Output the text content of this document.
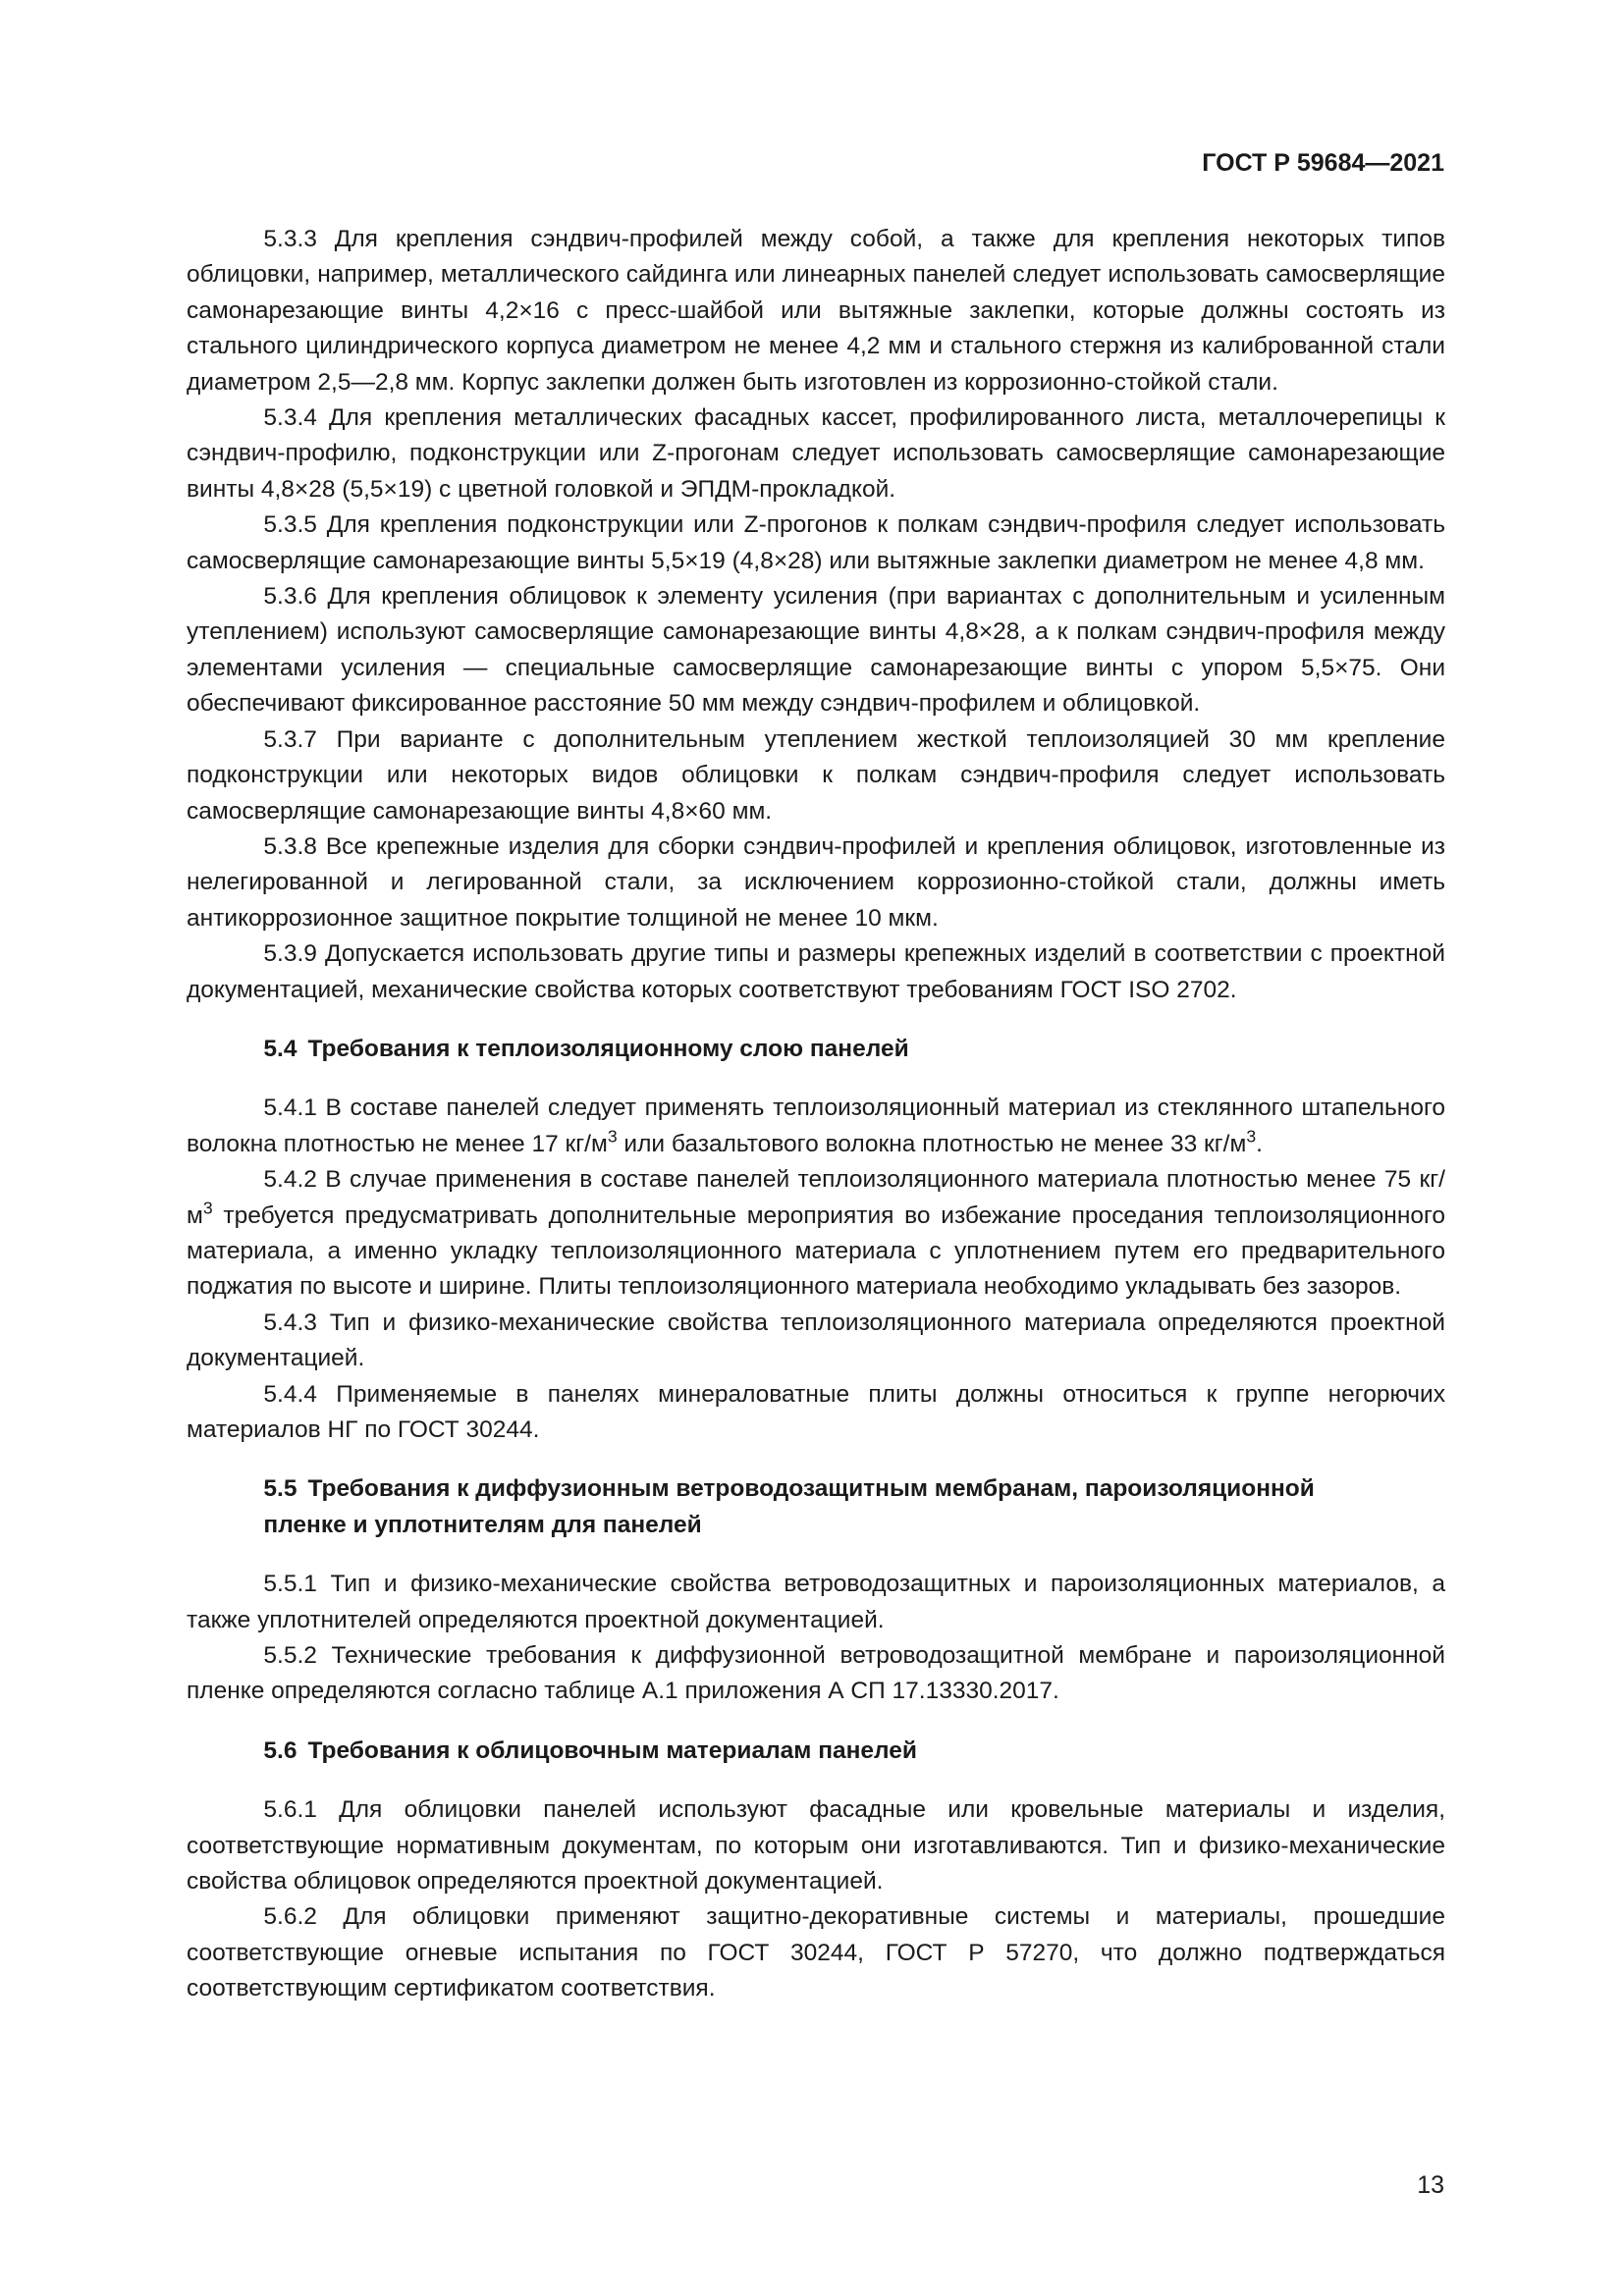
ГОСТ Р 59684—2021

5.3.3 Для крепления сэндвич-профилей между собой, а также для крепления некоторых типов облицовки, например, металлического сайдинга или линеарных панелей следует использовать самосверлящие самонарезающие винты 4,2×16 с пресс-шайбой или вытяжные заклепки, которые должны состоять из стального цилиндрического корпуса диаметром не менее 4,2 мм и стального стержня из калиброванной стали диаметром 2,5—2,8 мм. Корпус заклепки должен быть изготовлен из коррозионно-стойкой стали.

5.3.4 Для крепления металлических фасадных кассет, профилированного листа, металлочерепицы к сэндвич-профилю, подконструкции или Z-прогонам следует использовать самосверлящие самонарезающие винты 4,8×28 (5,5×19) с цветной головкой и ЭПДМ-прокладкой.

5.3.5 Для крепления подконструкции или Z-прогонов к полкам сэндвич-профиля следует использовать самосверлящие самонарезающие винты 5,5×19 (4,8×28) или вытяжные заклепки диаметром не менее 4,8 мм.

5.3.6 Для крепления облицовок к элементу усиления (при вариантах с дополнительным и усиленным утеплением) используют самосверлящие самонарезающие винты 4,8×28, а к полкам сэндвич-профиля между элементами усиления — специальные самосверлящие самонарезающие винты с упором 5,5×75. Они обеспечивают фиксированное расстояние 50 мм между сэндвич-профилем и облицовкой.

5.3.7 При варианте с дополнительным утеплением жесткой теплоизоляцией 30 мм крепление подконструкции или некоторых видов облицовки к полкам сэндвич-профиля следует использовать самосверлящие самонарезающие винты 4,8×60 мм.

5.3.8 Все крепежные изделия для сборки сэндвич-профилей и крепления облицовок, изготовленные из нелегированной и легированной стали, за исключением коррозионно-стойкой стали, должны иметь антикоррозионное защитное покрытие толщиной не менее 10 мкм.

5.3.9 Допускается использовать другие типы и размеры крепежных изделий в соответствии с проектной документацией, механические свойства которых соответствуют требованиям ГОСТ ISO 2702.

5.4 Требования к теплоизоляционному слою панелей

5.4.1 В составе панелей следует применять теплоизоляционный материал из стеклянного штапельного волокна плотностью не менее 17 $кг/м^3$ или базальтового волокна плотностью не менее 33 $кг/м^3$.

5.4.2 В случае применения в составе панелей теплоизоляционного материала плотностью менее 75 $кг/м^3$ требуется предусматривать дополнительные мероприятия во избежание проседания теплоизоляционного материала, а именно укладку теплоизоляционного материала с уплотнением путем его предварительного поджатия по высоте и ширине. Плиты теплоизоляционного материала необходимо укладывать без зазоров.

5.4.3 Тип и физико-механические свойства теплоизоляционного материала определяются проектной документацией.

5.4.4 Применяемые в панелях минераловатные плиты должны относиться к группе негорючих материалов НГ по ГОСТ 30244.

5.5 Требования к диффузионным ветроводозащитным мембранам, пароизоляционной
пленке и уплотнителям для панелей

5.5.1 Тип и физико-механические свойства ветроводозащитных и пароизоляционных материалов, а также уплотнителей определяются проектной документацией.

5.5.2 Технические требования к диффузионной ветроводозащитной мембране и пароизоляционной пленке определяются согласно таблице А.1 приложения А СП 17.13330.2017.

5.6 Требования к облицовочным материалам панелей

5.6.1 Для облицовки панелей используют фасадные или кровельные материалы и изделия, соответствующие нормативным документам, по которым они изготавливаются. Тип и физико-механические свойства облицовок определяются проектной документацией.

5.6.2 Для облицовки применяют защитно-декоративные системы и материалы, прошедшие соответствующие огневые испытания по ГОСТ 30244, ГОСТ Р 57270, что должно подтверждаться соответствующим сертификатом соответствия.

13
